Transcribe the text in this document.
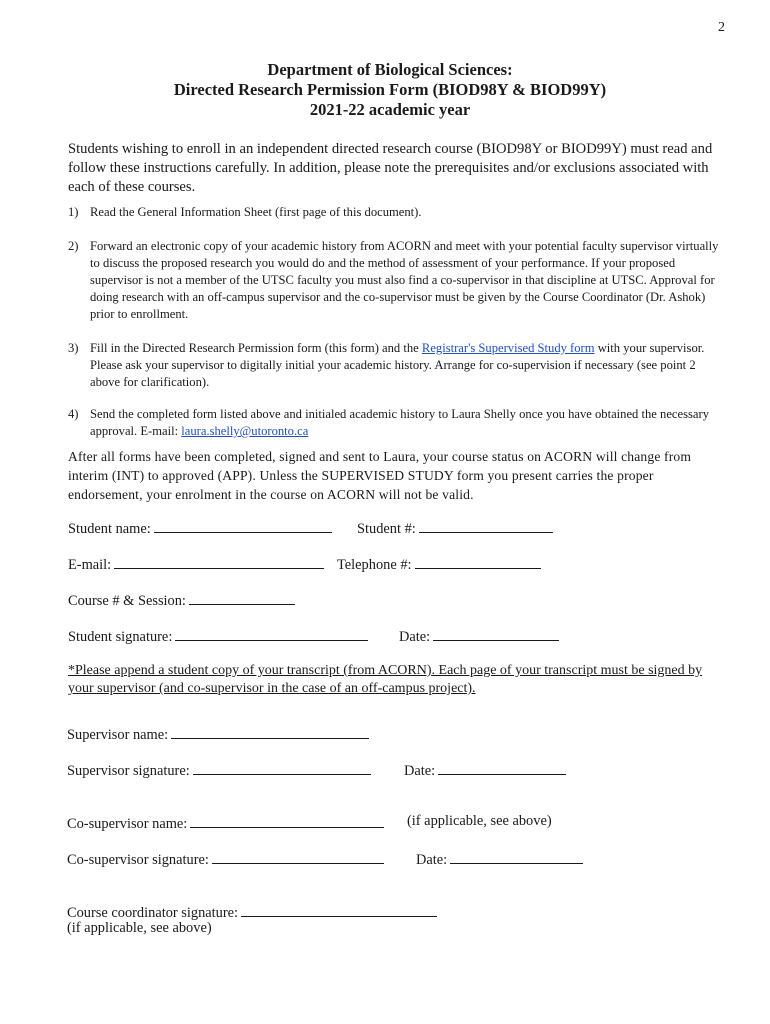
2
Department of Biological Sciences:
Directed Research Permission Form (BIOD98Y & BIOD99Y)
2021-22 academic year
Students wishing to enroll in an independent directed research course (BIOD98Y or BIOD99Y) must read and follow these instructions carefully. In addition, please note the prerequisites and/or exclusions associated with each of these courses.
1) Read the General Information Sheet (first page of this document).
2) Forward an electronic copy of your academic history from ACORN and meet with your potential faculty supervisor virtually to discuss the proposed research you would do and the method of assessment of your performance. If your proposed supervisor is not a member of the UTSC faculty you must also find a co-supervisor in that discipline at UTSC. Approval for doing research with an off-campus supervisor and the co-supervisor must be given by the Course Coordinator (Dr. Ashok) prior to enrollment.
3) Fill in the Directed Research Permission form (this form) and the Registrar's Supervised Study form with your supervisor. Please ask your supervisor to digitally initial your academic history. Arrange for co-supervision if necessary (see point 2 above for clarification).
4) Send the completed form listed above and initialed academic history to Laura Shelly once you have obtained the necessary approval. E-mail: laura.shelly@utoronto.ca
After all forms have been completed, signed and sent to Laura, your course status on ACORN will change from interim (INT) to approved (APP). Unless the SUPERVISED STUDY form you present carries the proper endorsement, your enrolment in the course on ACORN will not be valid.
Student name:	Student #:
E-mail:	Telephone #:
Course # & Session:
Student signature:	Date:
*Please append a student copy of your transcript (from ACORN). Each page of your transcript must be signed by your supervisor (and co-supervisor in the case of an off-campus project).
Supervisor name:
Supervisor signature:	Date:
Co-supervisor name:	(if applicable, see above)
Co-supervisor signature:	Date:
Course coordinator signature:
(if applicable, see above)
